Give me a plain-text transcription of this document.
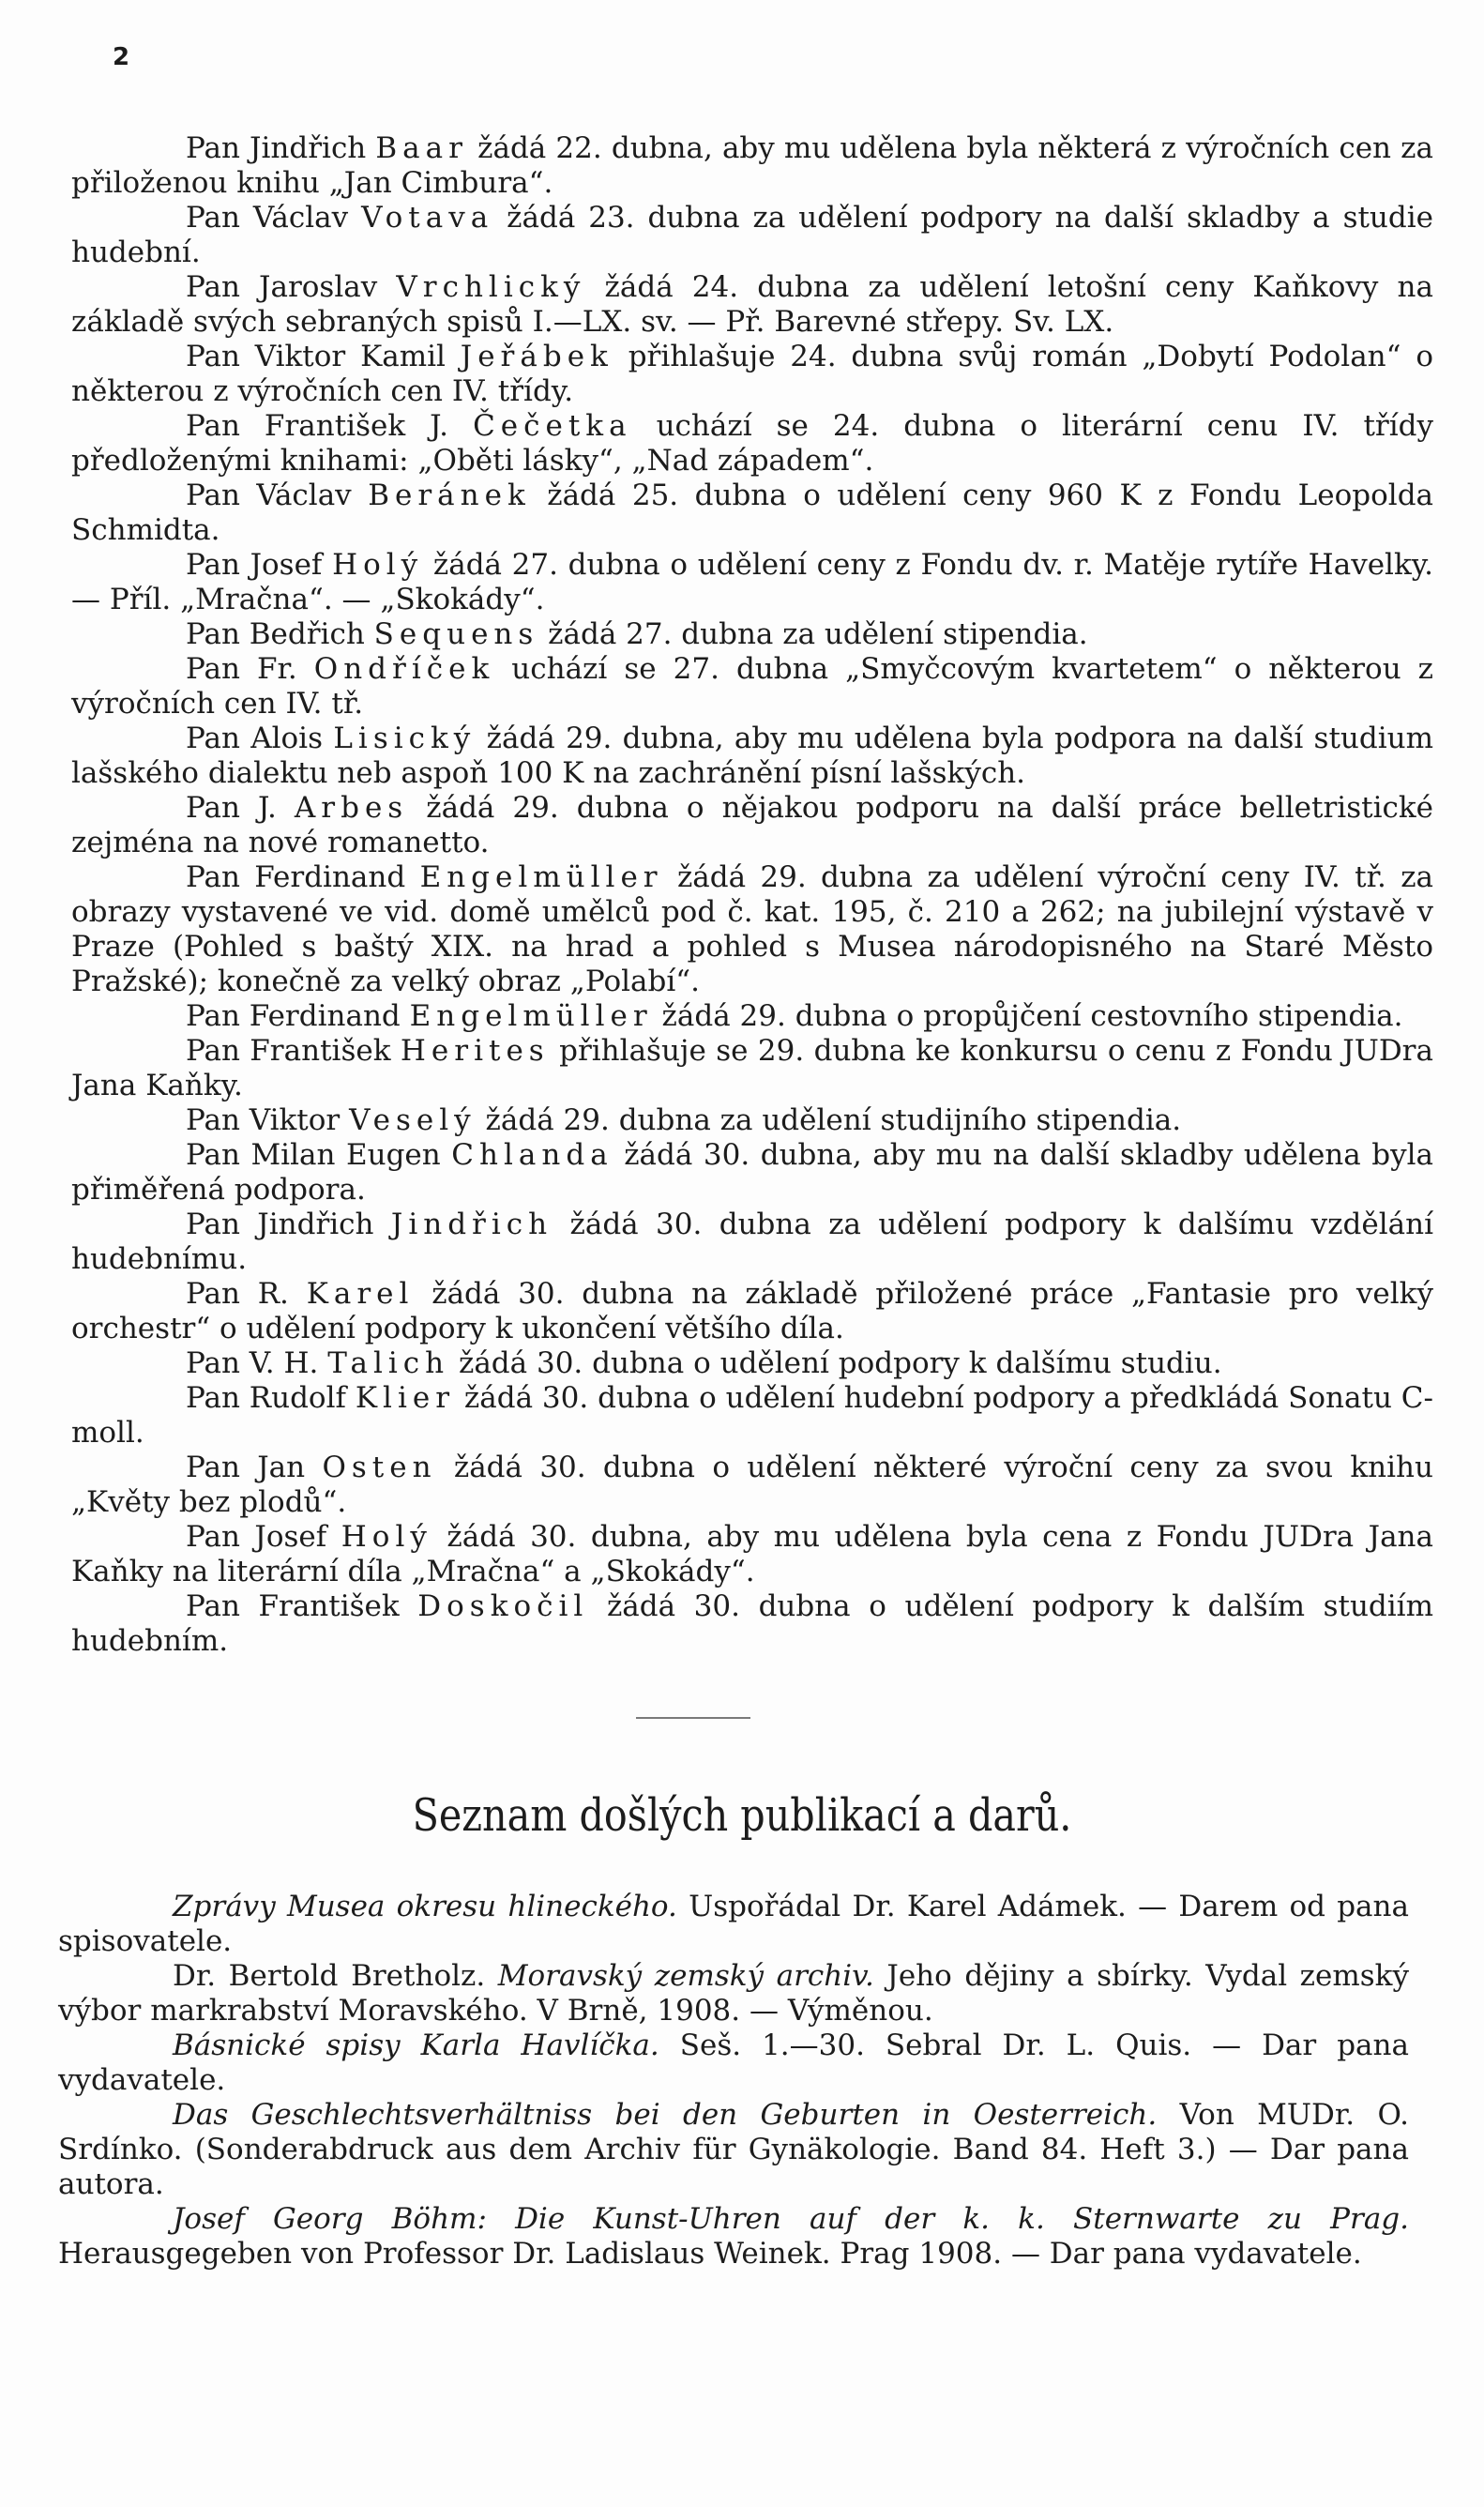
2

Pan Jindřich Baar žádá 22. dubna, aby mu udělena byla některá z výročních cen za přiloženou knihu „Jan Cimbura“.

Pan Václav Votava žádá 23. dubna za udělení podpory na další skladby a studie hudební.

Pan Jaroslav Vrchlický žádá 24. dubna za udělení letošní ceny Kaňkovy na základě svých sebraných spisů I.—LX. sv. — Př. Barevné střepy. Sv. LX.

Pan Viktor Kamil Jeřábek přihlašuje 24. dubna svůj román „Dobytí Podolan“ o některou z výročních cen IV. třídy.

Pan František J. Čečetka uchází se 24. dubna o literární cenu IV. třídy předloženými knihami: „Oběti lásky“, „Nad západem“.

Pan Václav Beránek žádá 25. dubna o udělení ceny 960 K z Fondu Leopolda Schmidta.

Pan Josef Holý žádá 27. dubna o udělení ceny z Fondu dv. r. Matěje rytíře Havelky. — Příl. „Mračna“. — „Skokády“.

Pan Bedřich Sequens žádá 27. dubna za udělení stipendia.

Pan Fr. Ondříček uchází se 27. dubna „Smyčcovým kvartetem“ o některou z výročních cen IV. tř.

Pan Alois Lisický žádá 29. dubna, aby mu udělena byla podpora na další studium lašského dialektu neb aspoň 100 K na zachránění písní lašských.

Pan J. Arbes žádá 29. dubna o nějakou podporu na další práce belletristické zejména na nové romanetto.

Pan Ferdinand Engelmüller žádá 29. dubna za udělení výroční ceny IV. tř. za obrazy vystavené ve vid. domě umělců pod č. kat. 195, č. 210 a 262; na jubilejní výstavě v Praze (Pohled s baštý XIX. na hrad a pohled s Musea národopisného na Staré Město Pražské); konečně za velký obraz „Polabí“.

Pan Ferdinand Engelmüller žádá 29. dubna o propůjčení cestovního stipendia.

Pan František Herites přihlašuje se 29. dubna ke konkursu o cenu z Fondu JUDra Jana Kaňky.

Pan Viktor Veselý žádá 29. dubna za udělení studijního stipendia.

Pan Milan Eugen Chlanda žádá 30. dubna, aby mu na další skladby udělena byla přiměřená podpora.

Pan Jindřich Jindřich žádá 30. dubna za udělení podpory k dalšímu vzdělání hudebnímu.

Pan R. Karel žádá 30. dubna na základě přiložené práce „Fantasie pro velký orchestr“ o udělení podpory k ukončení většího díla.

Pan V. H. Talich žádá 30. dubna o udělení podpory k dalšímu studiu.

Pan Rudolf Klier žádá 30. dubna o udělení hudební podpory a předkládá Sonatu C-moll.

Pan Jan Osten žádá 30. dubna o udělení některé výroční ceny za svou knihu „Květy bez plodů“.

Pan Josef Holý žádá 30. dubna, aby mu udělena byla cena z Fondu JUDra Jana Kaňky na literární díla „Mračna“ a „Skokády“.

Pan František Doskočil žádá 30. dubna o udělení podpory k dalším studiím hudebním.

Seznam došlých publikací a darů.

Zprávy Musea okresu hlineckého. Uspořádal Dr. Karel Adámek. — Darem od pana spisovatele.

Dr. Bertold Bretholz. Moravský zemský archiv. Jeho dějiny a sbírky. Vydal zemský výbor markrabství Moravského. V Brně, 1908. — Výměnou.

Básnické spisy Karla Havlíčka. Seš. 1.—30. Sebral Dr. L. Quis. — Dar pana vydavatele.

Das Geschlechtsverhältniss bei den Geburten in Oesterreich. Von MUDr. O. Srdínko. (Sonderabdruck aus dem Archiv für Gynäkologie. Band 84. Heft 3.) — Dar pana autora.

Josef Georg Böhm: Die Kunst-Uhren auf der k. k. Sternwarte zu Prag. Herausgegeben von Professor Dr. Ladislaus Weinek. Prag 1908. — Dar pana vydavatele.
